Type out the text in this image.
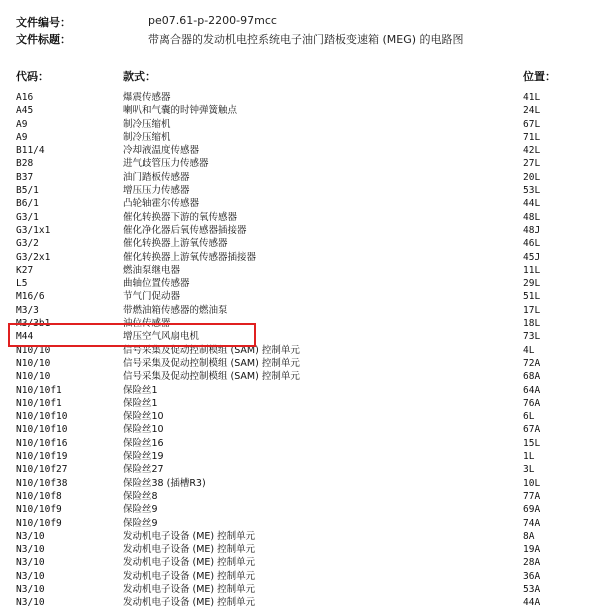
文件编号：	pe07.61-p-2200-97mcc
文件标题：	带离合器的发动机电控系统电子油门踏板变速箱 (MEG) 的电路图
代码：	款式：	位置：
A16	爆震传感器	41L
A45	喇叭和气囊的时钟弹簧触点	24L
A9	制冷压缩机	67L
A9	制冷压缩机	71L
B11/4	冷却液温度传感器	42L
B28	进气歧管压力传感器	27L
B37	油门踏板传感器	20L
B5/1	增压压力传感器	53L
B6/1	凸轮轴霍尔传感器	44L
G3/1	催化转换器下游的氧传感器	48L
G3/1x1	催化净化器后氧传感器插接器	48J
G3/2	催化转换器上游氧传感器	46L
G3/2x1	催化转换器上游氧传感器插接器	45J
K27	燃油泵继电器	11L
L5	曲轴位置传感器	29L
M16/6	节气门促动器	51L
M3/3	带燃油箱传感器的燃油泵	17L
M3/3b1	油位传感器	18L
M44	增压空气风扇电机	73L
N10/10	信号采集及促动控制模组 (SAM) 控制单元	4L
N10/10	信号采集及促动控制模组 (SAM) 控制单元	72A
N10/10	信号采集及促动控制模组 (SAM) 控制单元	68A
N10/10f1	保险丝1	64A
N10/10f1	保险丝1	76A
N10/10f10	保险丝10	6L
N10/10f10	保险丝10	67A
N10/10f16	保险丝16	15L
N10/10f19	保险丝19	1L
N10/10f27	保险丝27	3L
N10/10f38	保险丝38 (插槽R3)	10L
N10/10f8	保险丝8	77A
N10/10f9	保险丝9	69A
N10/10f9	保险丝9	74A
N3/10	发动机电子设备 (ME) 控制单元	8A
N3/10	发动机电子设备 (ME) 控制单元	19A
N3/10	发动机电子设备 (ME) 控制单元	28A
N3/10	发动机电子设备 (ME) 控制单元	36A
N3/10	发动机电子设备 (ME) 控制单元	53A
N3/10	发动机电子设备 (ME) 控制单元	44A
